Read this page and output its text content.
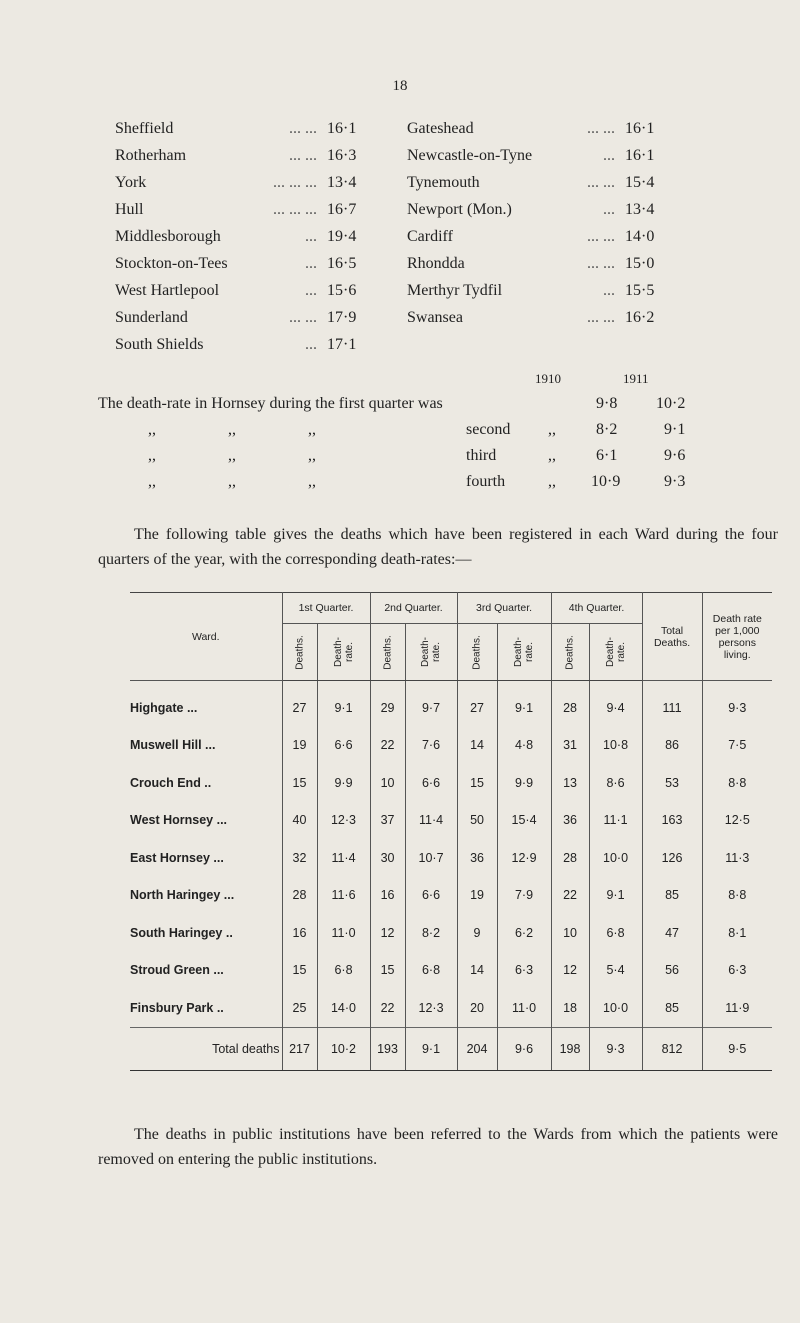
18
Sheffield ... ...	16·1	Gateshead ... ...	16·1
Rotherham ... ...	16·3	Newcastle-on-Tyne ...	16·1
York ... ... ...	13·4	Tynemouth ... ...	15·4
Hull ... ... ...	16·7	Newport (Mon.) ...	13·4
Middlesborough ...	19·4	Cardiff ... ...	14·0
Stockton-on-Tees ...	16·5	Rhondda ... ...	15·0
West Hartlepool ...	15·6	Merthyr Tydfil ...	15·5
Sunderland ... ...	17·9	Swansea ... ...	16·2
South Shields ...	17·1		
1910	1911
The death-rate in Hornsey during the first quarter was	9·8 10·2
,,	,,	,,	second ,,	8·2	9·1
,,	,,	,,	third	,,	6·1	9·6
,,	,,	,,	fourth	,, 10·9	9·3
The following table gives the deaths which have been registered in each Ward during the four quarters of the year, with the corresponding death-rates:—
Ward.	1st Quarter.		2nd Quarter.		3rd Quarter.		4th Quarter.		Total Deaths.	Death rate per 1,000 persons living.
	Deaths.	Death-rate.	Deaths.	Death-rate.	Deaths.	Death-rate.	Deaths.	Death-rate.		
Highgate ...	27	9·1	29	9·7	27	9·1	28	9·4	111	9·3
Muswell Hill ...	19	6·6	22	7·6	14	4·8	31	10·8	86	7·5
Crouch End ..	15	9·9	10	6·6	15	9·9	13	8·6	53	8·8
West Hornsey ...	40	12·3	37	11·4	50	15·4	36	11·1	163	12·5
East Hornsey ...	32	11·4	30	10·7	36	12·9	28	10·0	126	11·3
North Haringey ...	28	11·6	16	6·6	19	7·9	22	9·1	85	8·8
South Haringey ..	16	11·0	12	8·2	9	6·2	10	6·8	47	8·1
Stroud Green ...	15	6·8	15	6·8	14	6·3	12	5·4	56	6·3
Finsbury Park ..	25	14·0	22	12·3	20	11·0	18	10·0	85	11·9
Total deaths	217	10·2	193	9·1	204	9·6	198	9·3	812	9·5
The deaths in public institutions have been referred to the Wards from which the patients were removed on entering the public institutions.
